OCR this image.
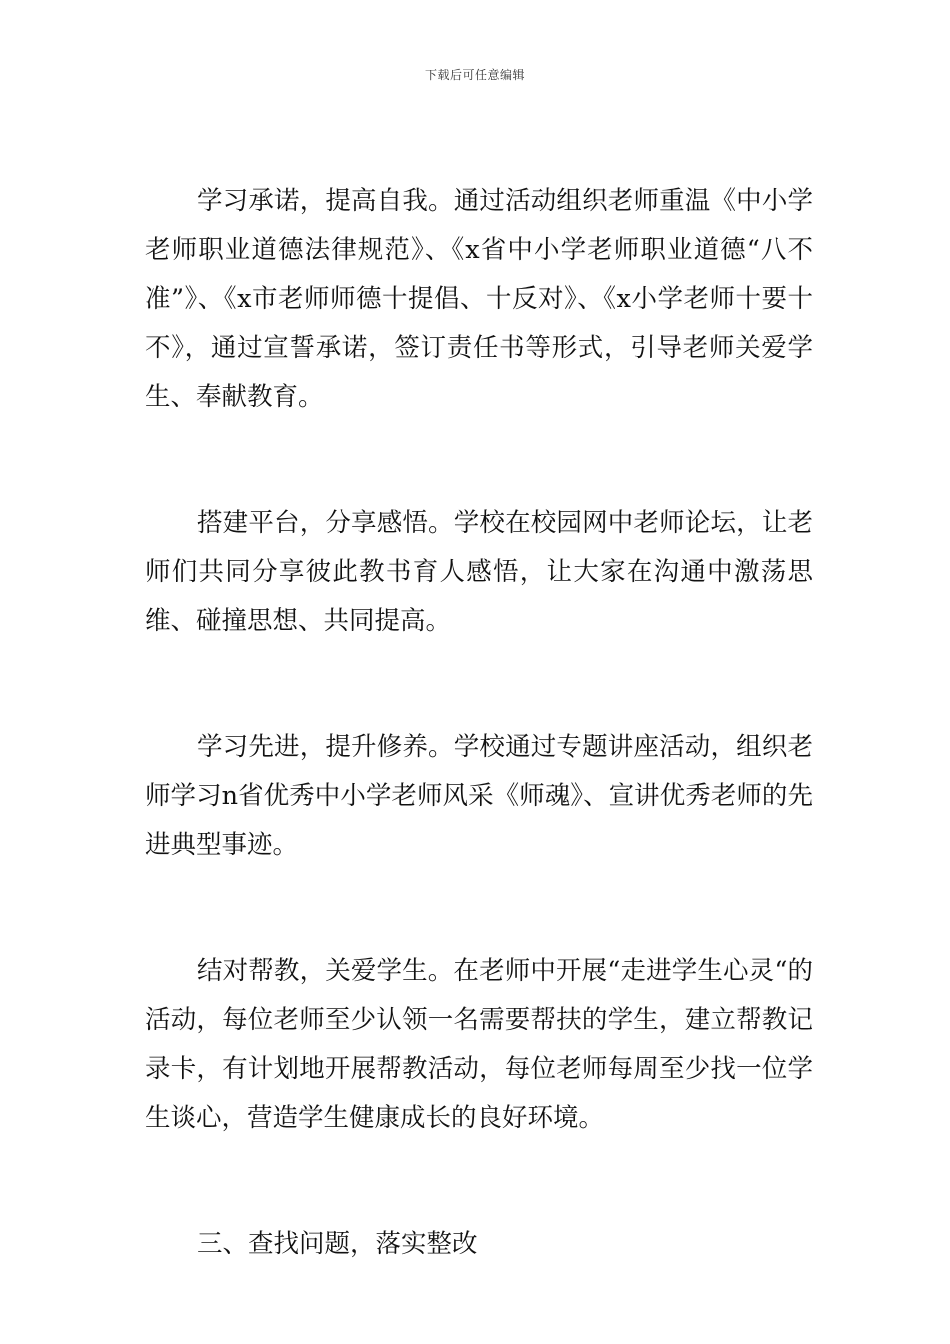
下载后可任意编辑

学习承诺，提高自我。通过活动组织老师重温《中小学老师职业道德法律规范》、《x省中小学老师职业道德“八不准”》、《x市老师师德十提倡、十反对》、《x小学老师十要十不》，通过宣誓承诺，签订责任书等形式，引导老师关爱学生、奉献教育。

搭建平台，分享感悟。学校在校园网中老师论坛，让老师们共同分享彼此教书育人感悟，让大家在沟通中激荡思维、碰撞思想、共同提高。

学习先进，提升修养。学校通过专题讲座活动，组织老师学习n省优秀中小学老师风采《师魂》、宣讲优秀老师的先进典型事迹。

结对帮教，关爱学生。在老师中开展“走进学生心灵“的活动，每位老师至少认领一名需要帮扶的学生，建立帮教记录卡，有计划地开展帮教活动，每位老师每周至少找一位学生谈心，营造学生健康成长的良好环境。

三、查找问题，落实整改
